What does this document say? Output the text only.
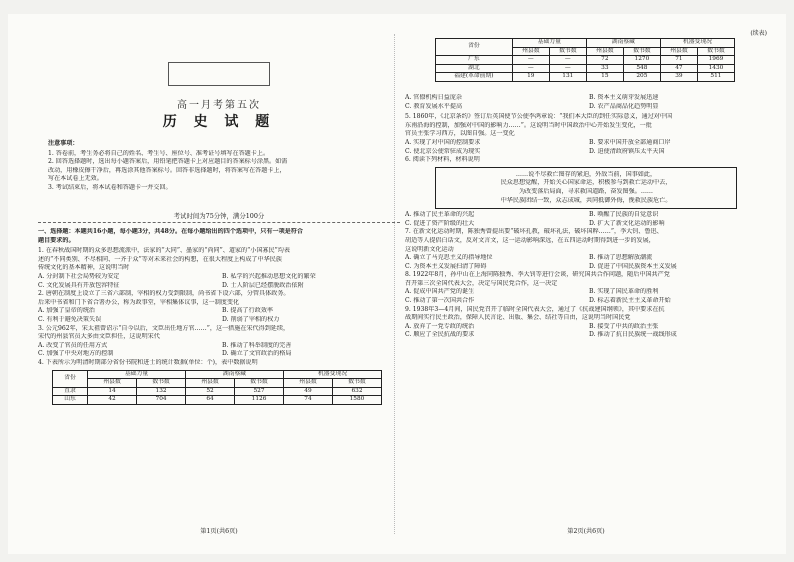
高一月考第五次
历 史 试 题
注意事项：
1. 答卷前，考生务必将自己的姓名、考生号、座位号、准考证号填写在答题卡上。
2. 回答选择题时，选出每小题答案后，用铅笔把答题卡上对应题目的答案标号涂黑。如需
改动，用橡皮擦干净后，再选涂其他答案标号。回答非选择题时，将答案写在答题卡上，
写在本试卷上无效。
3. 考试结束后，将本试卷和答题卡一并交回。
考试时间为75分钟，满分100分
一、选择题：本题共16小题，每小题3分，共48分。在每小题给出的四个选项中，只有一项是符合
题目要求的。
1. 在春秋战国时期的众多思想流派中，法家的“大同”、墨家的“尚同”、道家的“小国寡民”均表
述的“不同类别、不尽相同、一齐于众”等对未来社会的构想，在很大程度上构成了中华民族
传统文化的基本精神，这说明当时
A. 分封制下社会局势较为安定	B. 私学的兴起推动思想文化的繁荣
C. 文化发展具有开放包容特征	D. 士人阶层已经摆脱政治依附
2. 唐朝在制度上设立了三省六部制，宰相的权力受到限制，尚书省下设六部，分管具体政务。
后来中书省和门下省合署办公，称为政事堂，宰相集体议事，这一制度变化
A. 加强了皇帝的统治	B. 提高了行政效率
C. 有利于避免决策失误	D. 削弱了宰相的权力
3. 公元962年，宋太祖曾诏示“自今以后，文臣出任地方官……”，这一措施在宋代得到延续，
宋代的州县官员大多由文臣担任，这说明宋代
A. 改变了官员的任用方式	B. 推动了科举制度的完善
C. 加强了中央对地方的控制	D. 确立了文官政治的格局
4. 下表所示为明清时期部分省份书院和进士的统计数据(单位：个)，表中数据说明
省份	基础力量		湖南蔡藏		机器变现况	
	州县数	数书数	州县数	数书数	州县数	数书数
直隶	14	132	52	527	49	632
山东	42	704	64	1126	74	1580
第1页(共6页)
(续表)
省份	基础力量		湖南蔡藏		机器变现况	
	州县数	数书数	州县数	数书数	州县数	数书数
广东	—	—	72	1270	71	1969
湖北	—	—	33	548	47	1430
福建(革命前期)	19	131	15	205	39	511
A. 官僚机构日益庞杂	B. 资本主义萌芽发展迅速
C. 教育发展水平提高	D. 农产品商品化趋势明显
5. 1860年，《北京条约》签订后英国使节公使李鸿章说：“我们本大臣的到任实际意义，通过对中国
东南沿海的控制，加强对中国的影响力……”。这说明当时中国政治中心开始发生变化，一批
官员主张学习西方，以图自强。这一变化
A. 实现了对中国的控制要求	B. 要求中国开放全部通商口岸
C. 使北京公使常驻成为现实	D. 迫使清政府镇压太平天国
6. 阅读下列材料，材料说明
……说不尽救亡图存的紧迫，外敌当前，国事如此，
民众思想觉醒，开始关心国家命运，积极参与到救亡运动中去，
为改变落后局面，寻求救国道路，奋发图强。……
中华民族团结一致，众志成城，共同抵御外侮，挽救民族危亡。
A. 推动了民主革命的兴起	B. 唤醒了民族的自觉意识
C. 促进了资产阶级的壮大	D. 扩大了新文化运动的影响
7. 在新文化运动时期，陈独秀曾提出要“破坏孔教，破坏礼法，破坏国粹……”，李大钊、鲁迅、
胡适等人提倡白话文，反对文言文，这一运动影响深远，在五四运动时期得到进一步的发展，
这说明新文化运动
A. 确立了马克思主义的指导地位	B. 推动了思想解放潮流
C. 为资本主义发展扫清了障碍	D. 促进了中国民族资本主义发展
8. 1922年8月，孙中山在上海同陈独秀、李大钊等进行会谈，研究国共合作问题，随后中国共产党
召开第三次全国代表大会，决定与国民党合作，这一决定
A. 促成中国共产党的诞生	B. 实现了国民革命的胜利
C. 推动了第一次国共合作	D. 标志着新民主主义革命开始
9. 1938年3—4月间，国民党召开了临时全国代表大会，通过了《抗战建国纲领》，其中要求在抗
战期间实行民主政治，保障人民言论、出版、集会、结社等自由，这说明当时国民党
A. 放弃了一党专政的统治	B. 接受了中共的政治主张
C. 顺应了全民抗战的要求	D. 推动了抗日民族统一战线形成
第2页(共6页)
